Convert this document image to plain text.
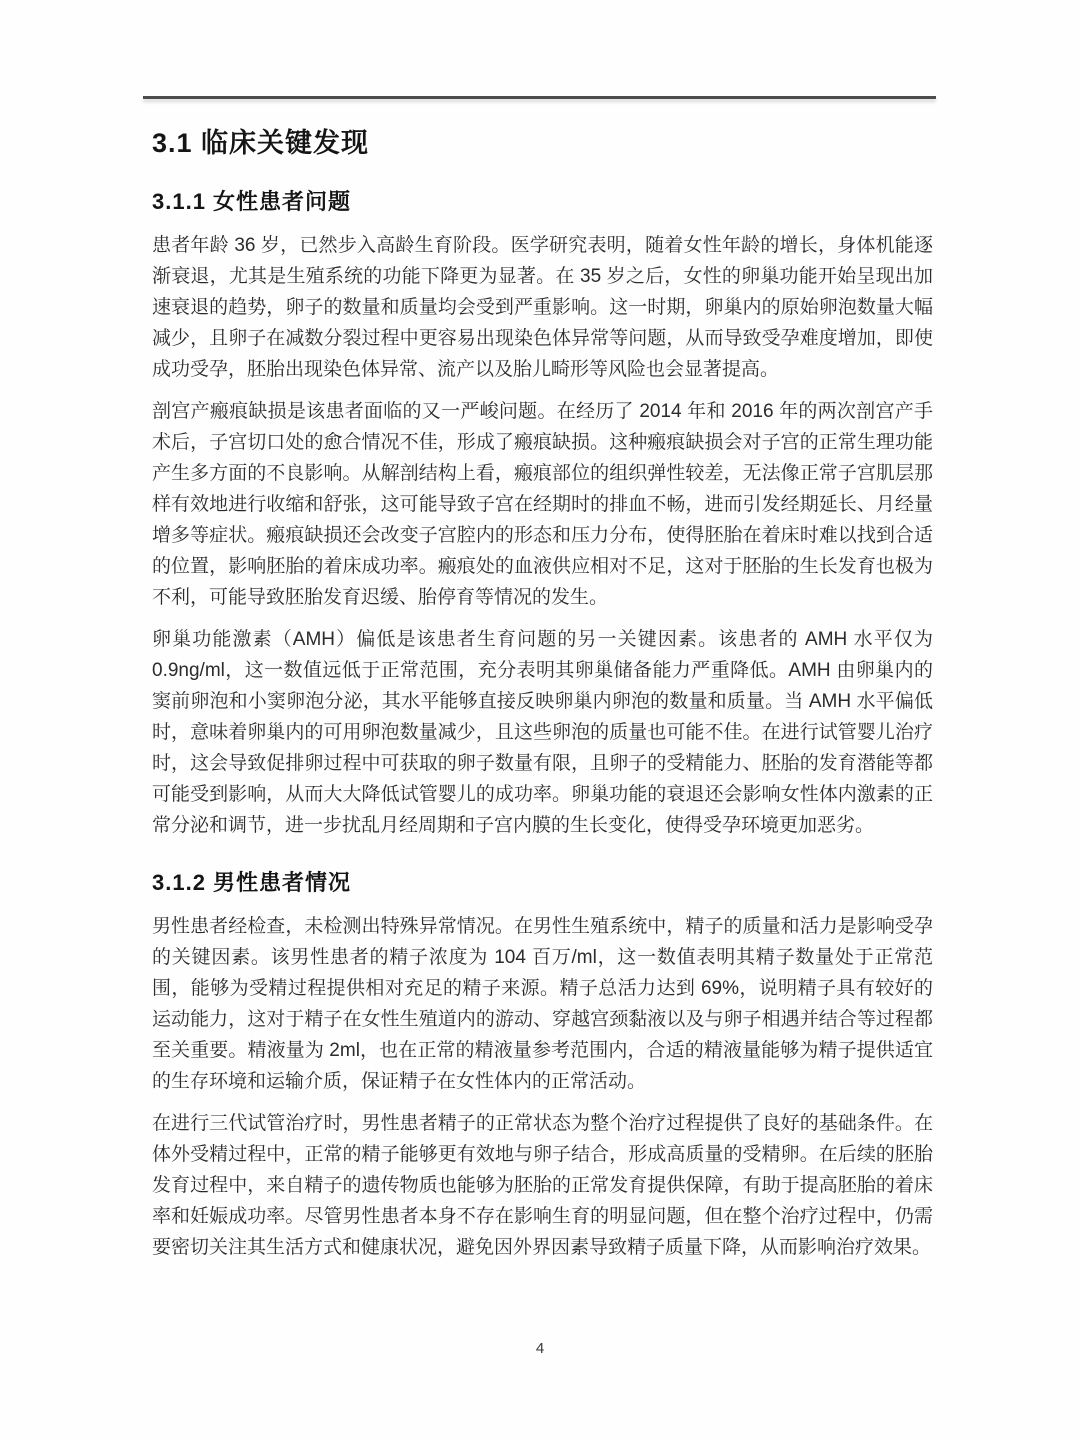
3.1 临床关键发现
3.1.1 女性患者问题

患者年龄 36 岁，已然步入高龄生育阶段。医学研究表明，随着女性年龄的增长，身体机能逐渐衰退，尤其是生殖系统的功能下降更为显著。在 35 岁之后，女性的卵巢功能开始呈现出加速衰退的趋势，卵子的数量和质量均会受到严重影响。这一时期，卵巢内的原始卵泡数量大幅减少，且卵子在减数分裂过程中更容易出现染色体异常等问题，从而导致受孕难度增加，即使成功受孕，胚胎出现染色体异常、流产以及胎儿畸形等风险也会显著提高。

剖宫产瘢痕缺损是该患者面临的又一严峻问题。在经历了 2014 年和 2016 年的两次剖宫产手术后，子宫切口处的愈合情况不佳，形成了瘢痕缺损。这种瘢痕缺损会对子宫的正常生理功能产生多方面的不良影响。从解剖结构上看，瘢痕部位的组织弹性较差，无法像正常子宫肌层那样有效地进行收缩和舒张，这可能导致子宫在经期时的排血不畅，进而引发经期延长、月经量增多等症状。瘢痕缺损还会改变子宫腔内的形态和压力分布，使得胚胎在着床时难以找到合适的位置，影响胚胎的着床成功率。瘢痕处的血液供应相对不足，这对于胚胎的生长发育也极为不利，可能导致胚胎发育迟缓、胎停育等情况的发生。

卵巢功能激素（AMH）偏低是该患者生育问题的另一关键因素。该患者的 AMH 水平仅为 0.9ng/ml，这一数值远低于正常范围，充分表明其卵巢储备能力严重降低。AMH 由卵巢内的窦前卵泡和小窦卵泡分泌，其水平能够直接反映卵巢内卵泡的数量和质量。当 AMH 水平偏低时，意味着卵巢内的可用卵泡数量减少，且这些卵泡的质量也可能不佳。在进行试管婴儿治疗时，这会导致促排卵过程中可获取的卵子数量有限，且卵子的受精能力、胚胎的发育潜能等都可能受到影响，从而大大降低试管婴儿的成功率。卵巢功能的衰退还会影响女性体内激素的正常分泌和调节，进一步扰乱月经周期和子宫内膜的生长变化，使得受孕环境更加恶劣。

3.1.2 男性患者情况

男性患者经检查，未检测出特殊异常情况。在男性生殖系统中，精子的质量和活力是影响受孕的关键因素。该男性患者的精子浓度为 104 百万/ml，这一数值表明其精子数量处于正常范围，能够为受精过程提供相对充足的精子来源。精子总活力达到 69%，说明精子具有较好的运动能力，这对于精子在女性生殖道内的游动、穿越宫颈黏液以及与卵子相遇并结合等过程都至关重要。精液量为 2ml，也在正常的精液量参考范围内，合适的精液量能够为精子提供适宜的生存环境和运输介质，保证精子在女性体内的正常活动。

在进行三代试管治疗时，男性患者精子的正常状态为整个治疗过程提供了良好的基础条件。在体外受精过程中，正常的精子能够更有效地与卵子结合，形成高质量的受精卵。在后续的胚胎发育过程中，来自精子的遗传物质也能够为胚胎的正常发育提供保障，有助于提高胚胎的着床率和妊娠成功率。尽管男性患者本身不存在影响生育的明显问题，但在整个治疗过程中，仍需要密切关注其生活方式和健康状况，避免因外界因素导致精子质量下降，从而影响治疗效果。

4
